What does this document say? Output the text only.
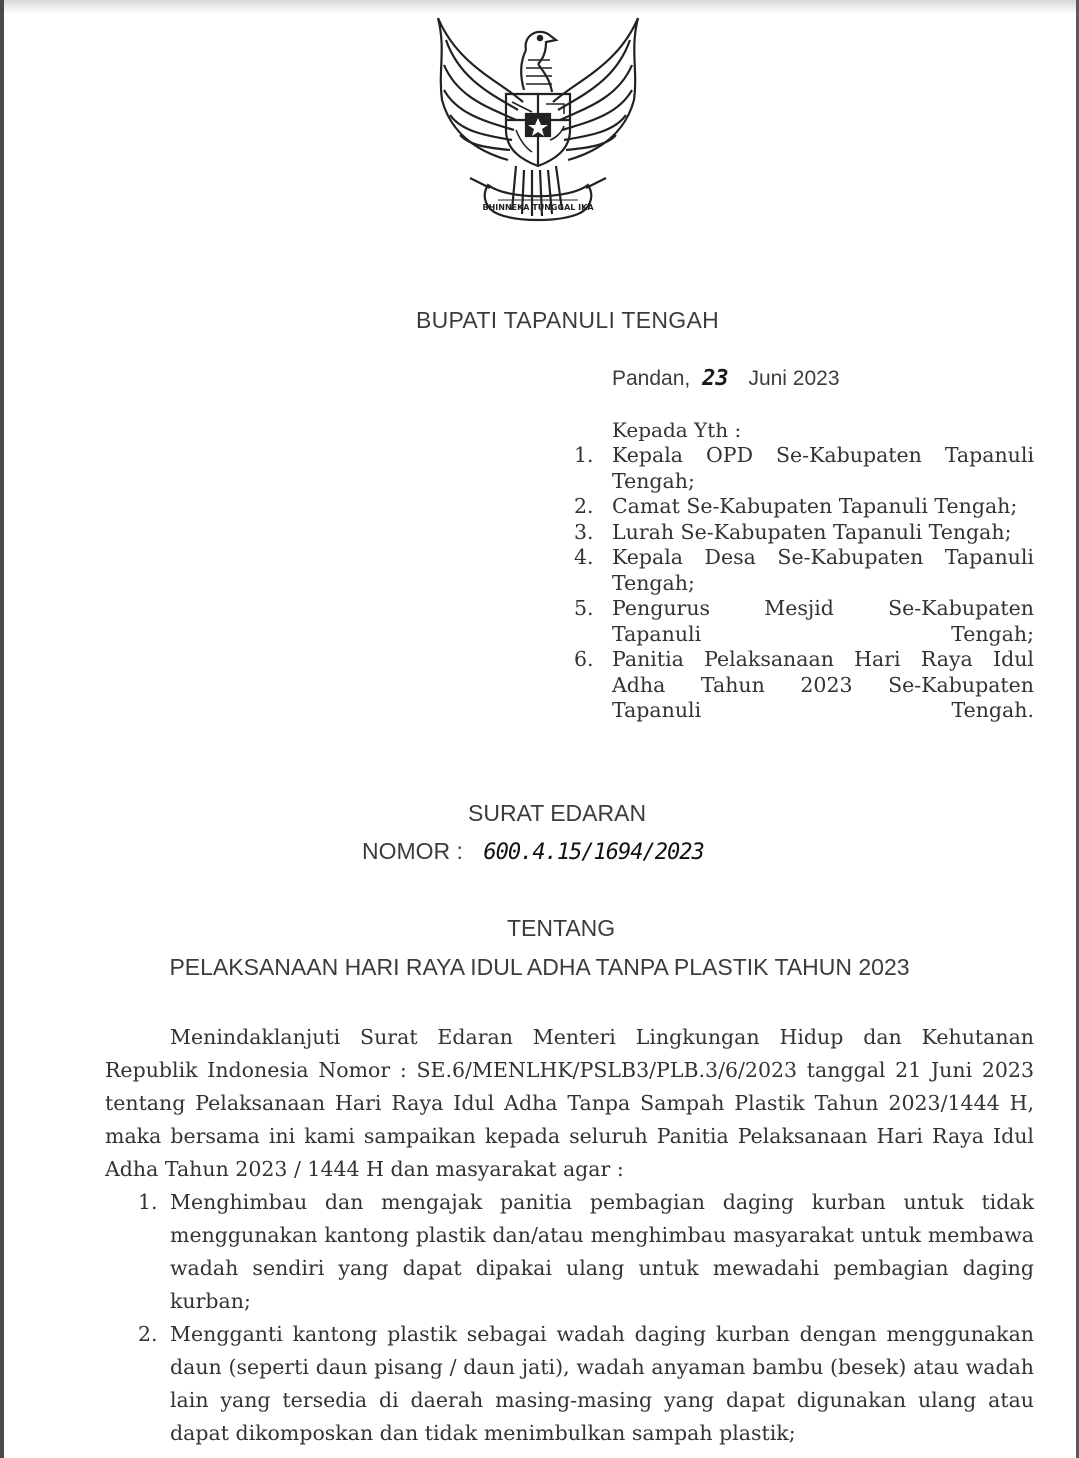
BHINNEKA TUNGGAL IKA
BUPATI TAPANULI TENGAH
Pandan, 23 Juni 2023
Kepada Yth :
1. Kepala OPD Se-Kabupaten Tapanuli Tengah;
2. Camat Se-Kabupaten Tapanuli Tengah;
3. Lurah Se-Kabupaten Tapanuli Tengah;
4. Kepala Desa Se-Kabupaten Tapanuli Tengah;
5. Pengurus Mesjid Se-Kabupaten Tapanuli Tengah;
6. Panitia Pelaksanaan Hari Raya Idul Adha Tahun 2023 Se-Kabupaten Tapanuli Tengah.
SURAT EDARAN
NOMOR : 600.4.15/1694/2023
TENTANG
PELAKSANAAN HARI RAYA IDUL ADHA TANPA PLASTIK TAHUN 2023

Menindaklanjuti Surat Edaran Menteri Lingkungan Hidup dan Kehutanan Republik Indonesia Nomor : SE.6/MENLHK/PSLB3/PLB.3/6/2023 tanggal 21 Juni 2023 tentang Pelaksanaan Hari Raya Idul Adha Tanpa Sampah Plastik Tahun 2023/1444 H, maka bersama ini kami sampaikan kepada seluruh Panitia Pelaksanaan Hari Raya Idul Adha Tahun 2023 / 1444 H dan masyarakat agar :

1. Menghimbau dan mengajak panitia pembagian daging kurban untuk tidak menggunakan kantong plastik dan/atau menghimbau masyarakat untuk membawa wadah sendiri yang dapat dipakai ulang untuk mewadahi pembagian daging kurban;
2. Mengganti kantong plastik sebagai wadah daging kurban dengan menggunakan daun (seperti daun pisang / daun jati), wadah anyaman bambu (besek) atau wadah lain yang tersedia di daerah masing-masing yang dapat digunakan ulang atau dapat dikomposkan dan tidak menimbulkan sampah plastik;
